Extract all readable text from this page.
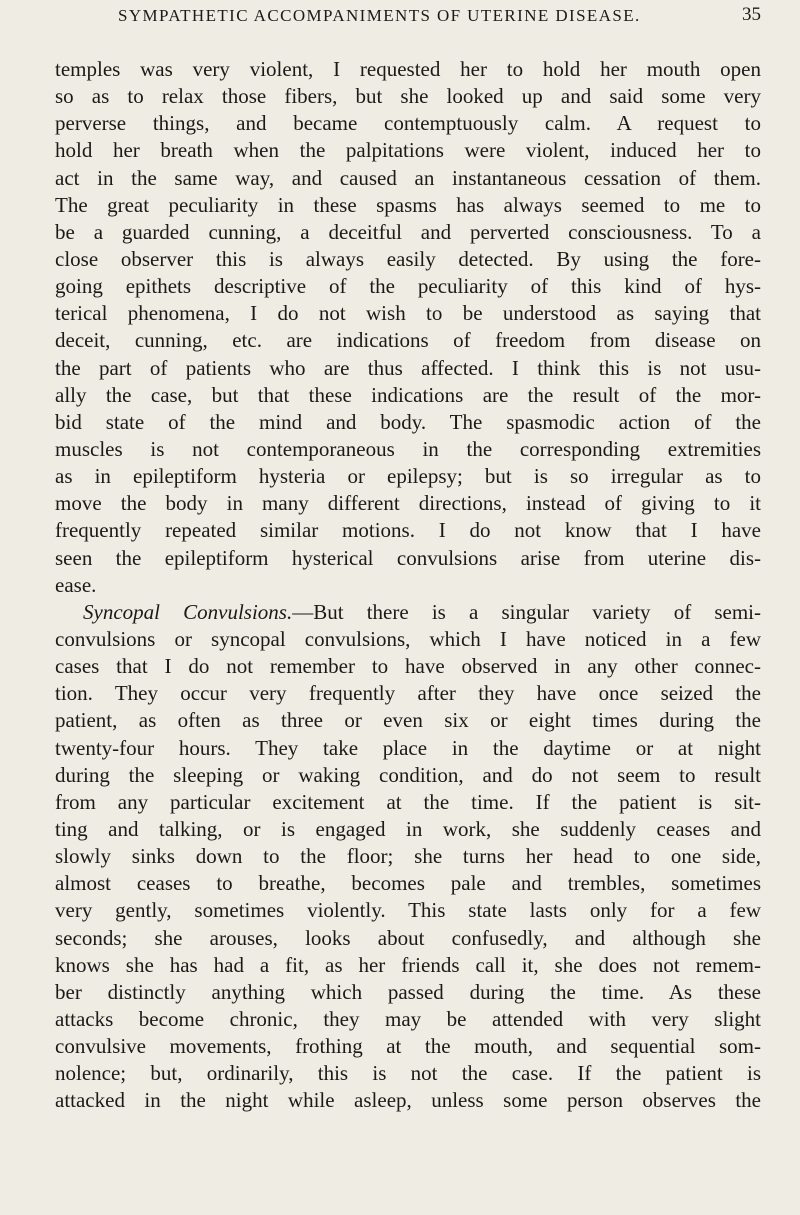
SYMPATHETIC ACCOMPANIMENTS OF UTERINE DISEASE.	35
temples was very violent, I requested her to hold her mouth open
so as to relax those fibers, but she looked up and said some very
perverse things, and became contemptuously calm. A request to
hold her breath when the palpitations were violent, induced her to
act in the same way, and caused an instantaneous cessation of them.
The great peculiarity in these spasms has always seemed to me to
be a guarded cunning, a deceitful and perverted consciousness. To a
close observer this is always easily detected. By using the fore-
going epithets descriptive of the peculiarity of this kind of hys-
terical phenomena, I do not wish to be understood as saying that
deceit, cunning, etc. are indications of freedom from disease on
the part of patients who are thus affected. I think this is not usu-
ally the case, but that these indications are the result of the mor-
bid state of the mind and body. The spasmodic action of the
muscles is not contemporaneous in the corresponding extremities
as in epileptiform hysteria or epilepsy; but is so irregular as to
move the body in many different directions, instead of giving to it
frequently repeated similar motions. I do not know that I have
seen the epileptiform hysterical convulsions arise from uterine dis-
ease.
Syncopal Convulsions.—But there is a singular variety of semi-
convulsions or syncopal convulsions, which I have noticed in a few
cases that I do not remember to have observed in any other connec-
tion. They occur very frequently after they have once seized the
patient, as often as three or even six or eight times during the
twenty-four hours. They take place in the daytime or at night
during the sleeping or waking condition, and do not seem to result
from any particular excitement at the time. If the patient is sit-
ting and talking, or is engaged in work, she suddenly ceases and
slowly sinks down to the floor; she turns her head to one side,
almost ceases to breathe, becomes pale and trembles, sometimes
very gently, sometimes violently. This state lasts only for a few
seconds; she arouses, looks about confusedly, and although she
knows she has had a fit, as her friends call it, she does not remem-
ber distinctly anything which passed during the time. As these
attacks become chronic, they may be attended with very slight
convulsive movements, frothing at the mouth, and sequential som-
nolence; but, ordinarily, this is not the case. If the patient is
attacked in the night while asleep, unless some person observes the
